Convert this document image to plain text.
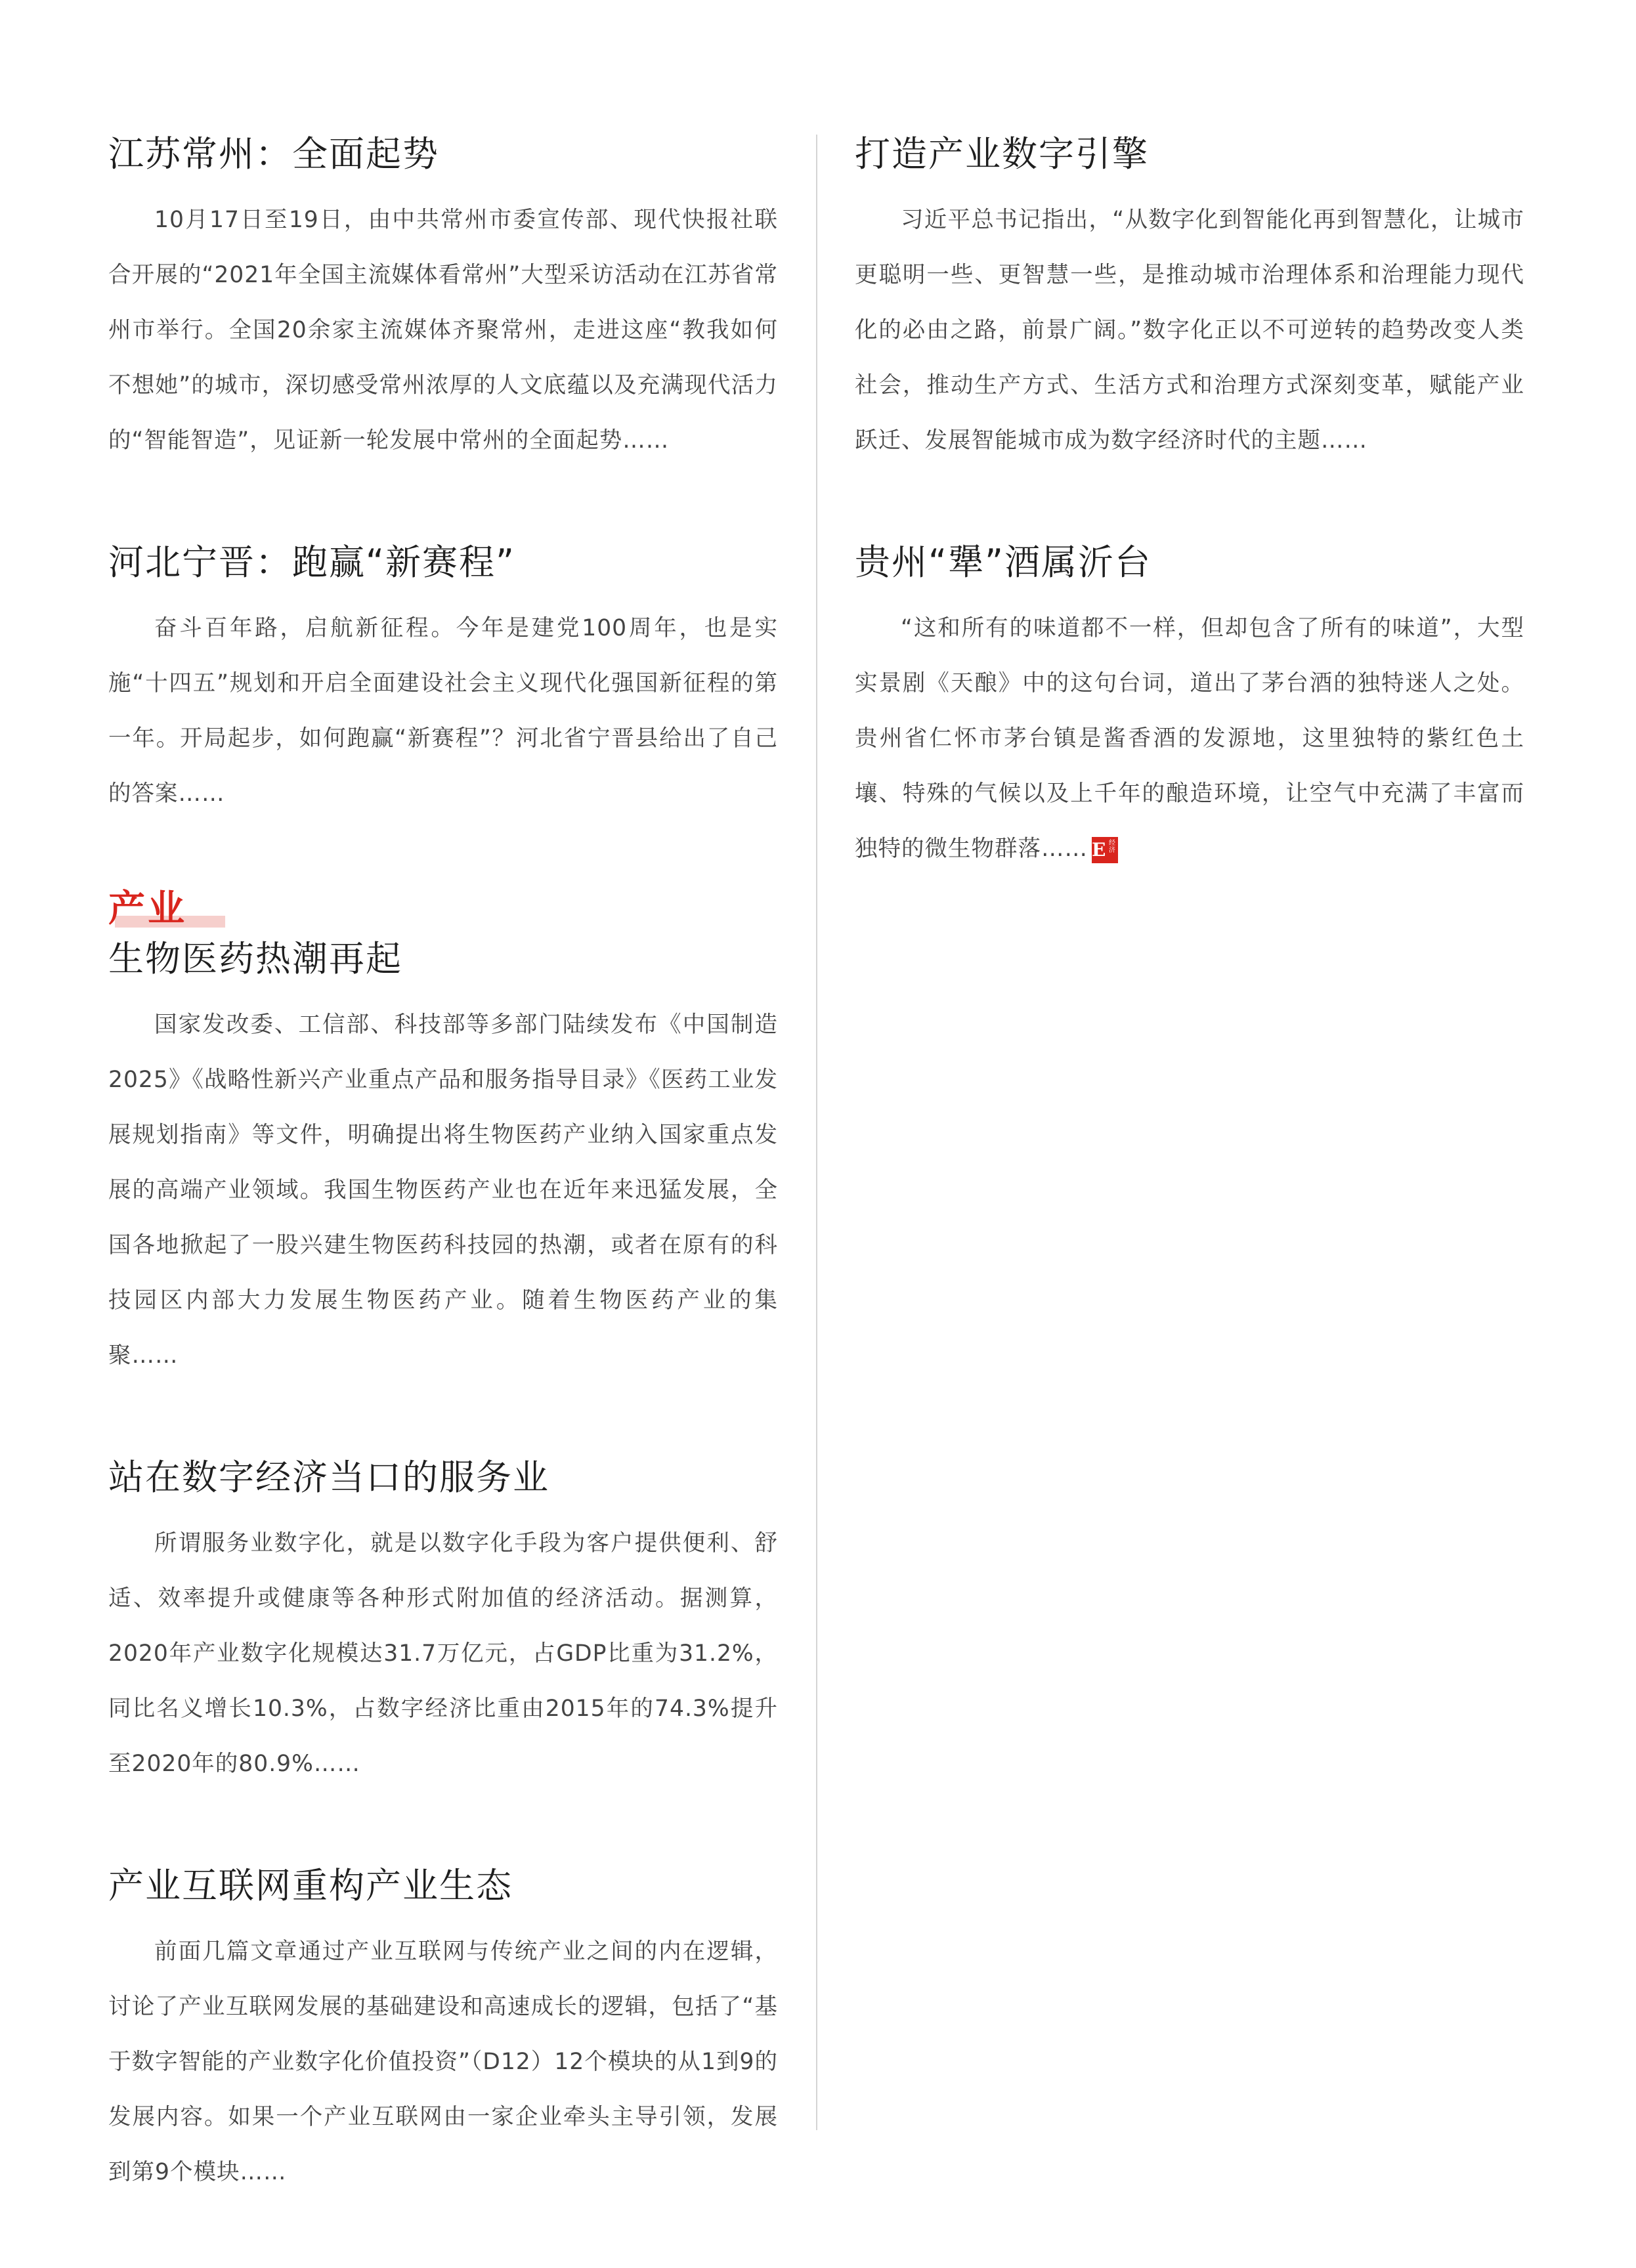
江苏常州：全面起势

10月17日至19日，由中共常州市委宣传部、现代快报社联合开展的“2021年全国主流媒体看常州”大型采访活动在江苏省常州市举行。全国20余家主流媒体齐聚常州，走进这座“教我如何不想她”的城市，深切感受常州浓厚的人文底蕴以及充满现代活力的“智能智造”，见证新一轮发展中常州的全面起势……

河北宁晋：跑赢“新赛程”

奋斗百年路，启航新征程。今年是建党100周年，也是实施“十四五”规划和开启全面建设社会主义现代化强国新征程的第一年。开局起步，如何跑赢“新赛程”？河北省宁晋县给出了自己的答案……

产业
生物医药热潮再起

国家发改委、工信部、科技部等多部门陆续发布《中国制造2025》《战略性新兴产业重点产品和服务指导目录》《医药工业发展规划指南》等文件，明确提出将生物医药产业纳入国家重点发展的高端产业领域。我国生物医药产业也在近年来迅猛发展，全国各地掀起了一股兴建生物医药科技园的热潮，或者在原有的科技园区内部大力发展生物医药产业。随着生物医药产业的集聚……

站在数字经济当口的服务业

所谓服务业数字化，就是以数字化手段为客户提供便利、舒适、效率提升或健康等各种形式附加值的经济活动。据测算，2020年产业数字化规模达31.7万亿元，占GDP比重为31.2%，同比名义增长10.3%，占数字经济比重由2015年的74.3%提升至2020年的80.9%……

产业互联网重构产业生态

前面几篇文章通过产业互联网与传统产业之间的内在逻辑，讨论了产业互联网发展的基础建设和高速成长的逻辑，包括了“基于数字智能的产业数字化价值投资”（D12）12个模块的从1到9的发展内容。如果一个产业互联网由一家企业牵头主导引领，发展到第9个模块……

打造产业数字引擎

习近平总书记指出，“从数字化到智能化再到智慧化，让城市更聪明一些、更智慧一些，是推动城市治理体系和治理能力现代化的必由之路，前景广阔。”数字化正以不可逆转的趋势改变人类社会，推动生产方式、生活方式和治理方式深刻变革，赋能产业跃迁、发展智能城市成为数字经济时代的主题……

贵州“犟”酒属沂台

“这和所有的味道都不一样，但却包含了所有的味道”，大型实景剧《天酿》中的这句台词，道出了茅台酒的独特迷人之处。贵州省仁怀市茅台镇是酱香酒的发源地，这里独特的紫红色土壤、特殊的气候以及上千年的酿造环境，让空气中充满了丰富而独特的微生物群落…… E 经济
